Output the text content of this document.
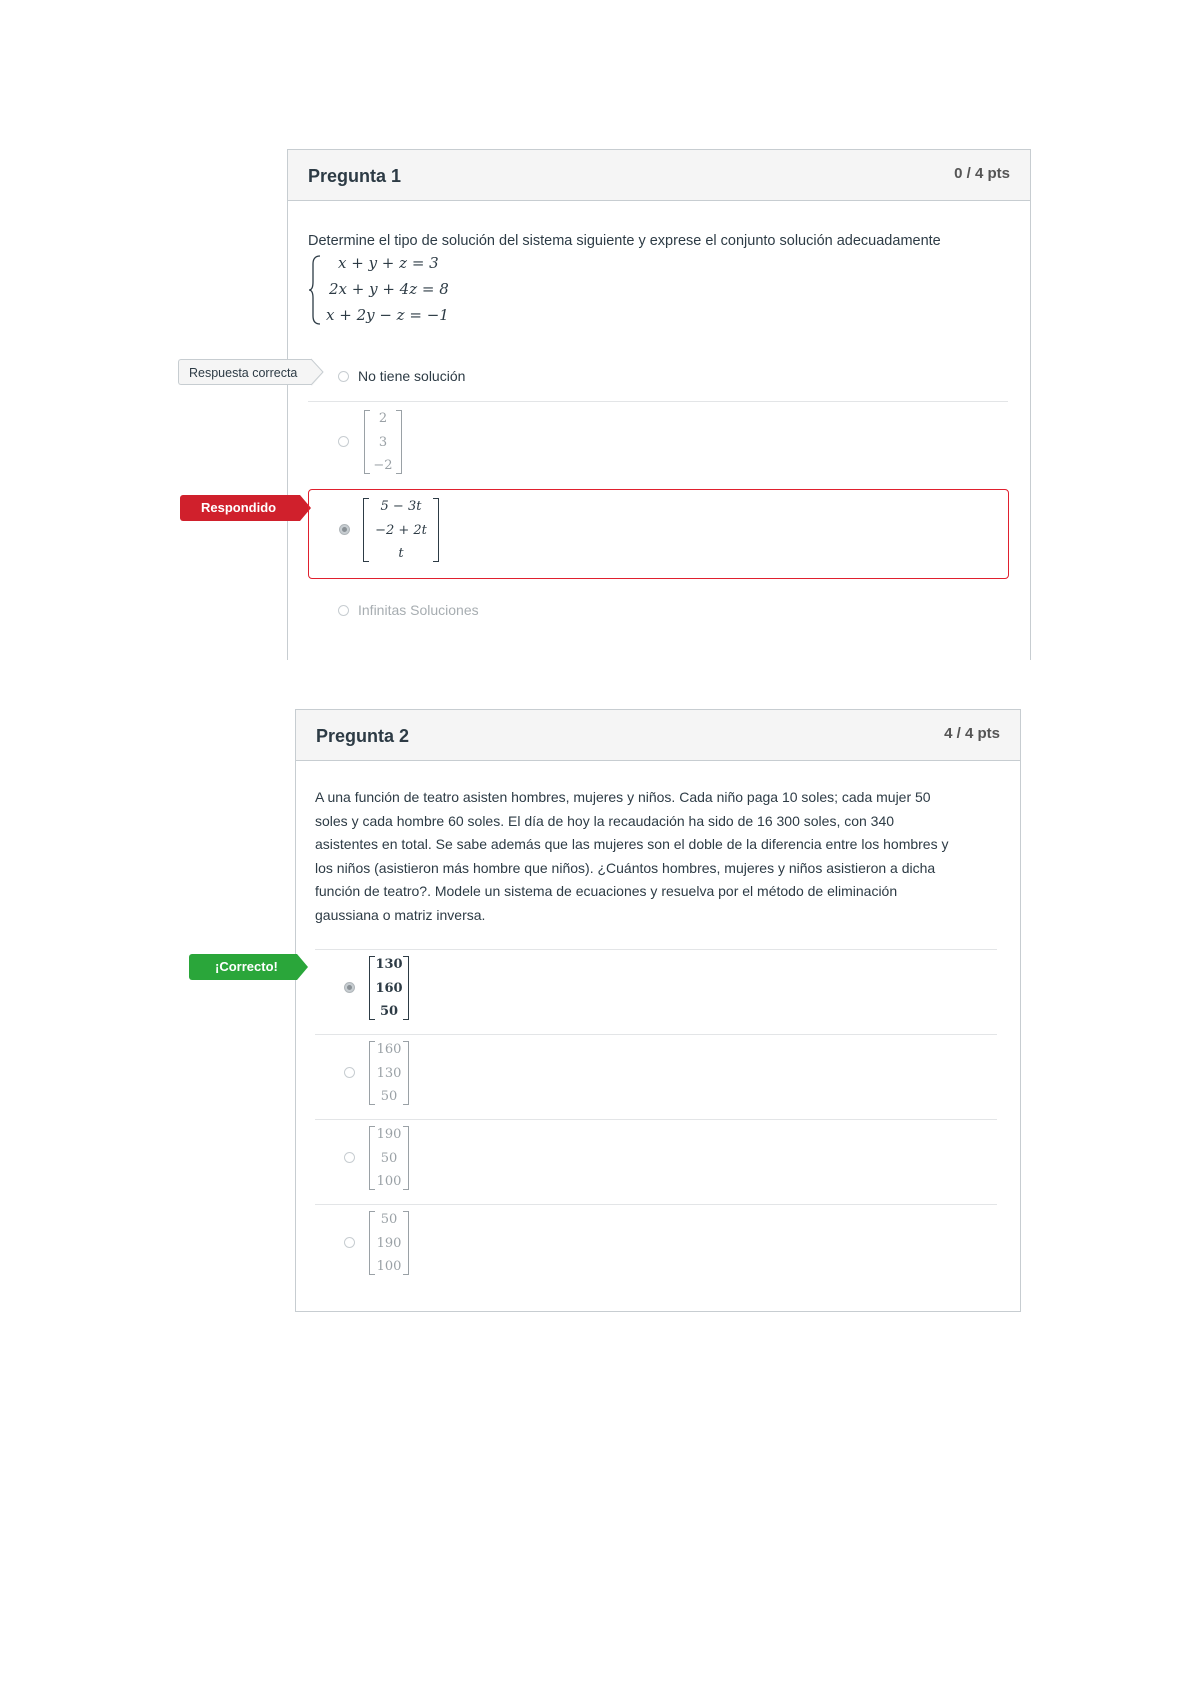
Pregunta 1	0 / 4 pts
Determine el tipo de solución del sistema siguiente y exprese el conjunto solución adecuadamente
x + y + z = 3
2x + y + 4z = 8
x + 2y − z = −1
Respuesta correcta	No tiene solución
2
3
−2
Respondido	5 − 3t
−2 + 2t
t
Infinitas Soluciones
Pregunta 2	4 / 4 pts
A una función de teatro asisten hombres, mujeres y niños. Cada niño paga 10 soles; cada mujer 50
soles y cada hombre 60 soles. El día de hoy la recaudación ha sido de 16 300 soles, con 340
asistentes en total. Se sabe además que las mujeres son el doble de la diferencia entre los hombres y
los niños (asistieron más hombre que niños). ¿Cuántos hombres, mujeres y niños asistieron a dicha
función de teatro?. Modele un sistema de ecuaciones y resuelva por el método de eliminación
gaussiana o matriz inversa.
¡Correcto!	130
160
50
160
130
50
190
50
100
50
190
100
